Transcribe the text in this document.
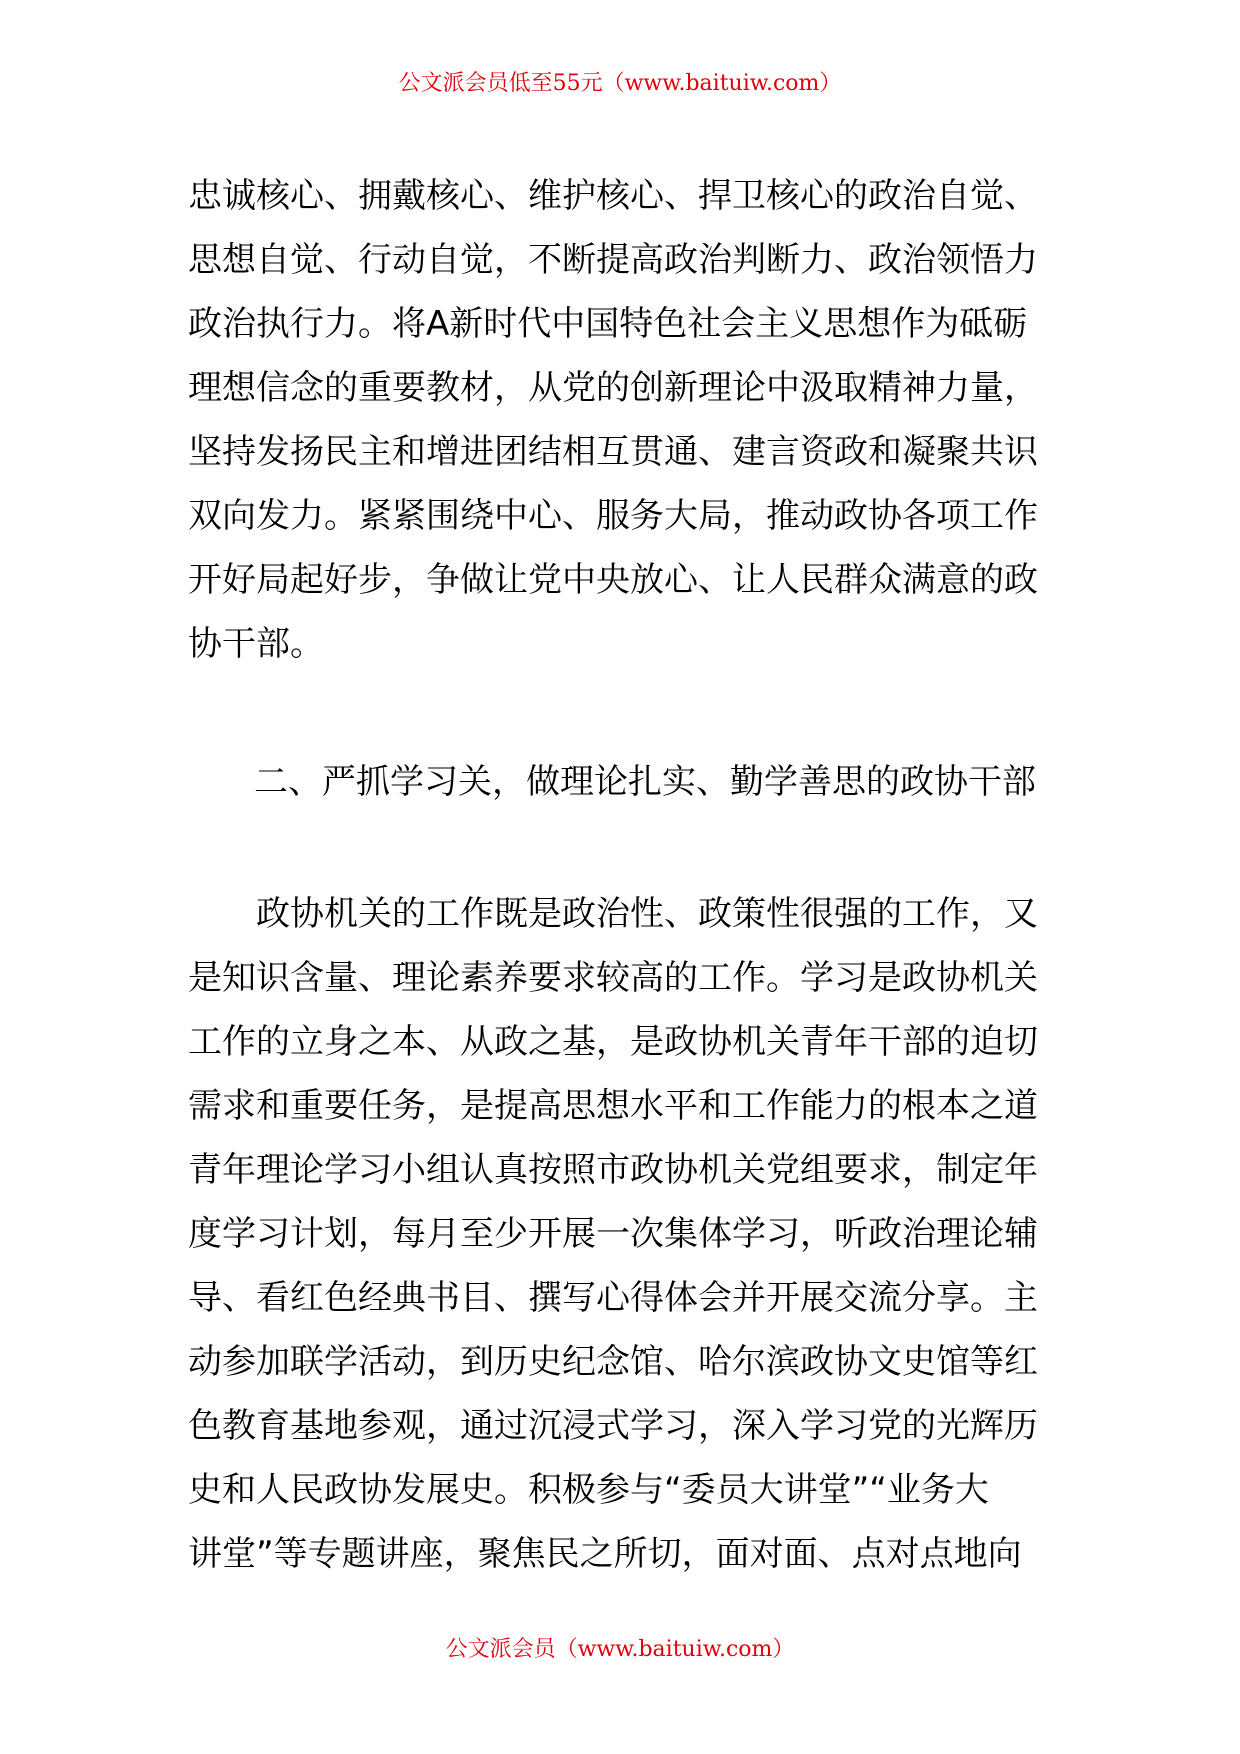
公文派会员低至55元（www.baituiw.com）
忠诚核心、拥戴核心、维护核心、捍卫核心的政治自觉、
思想自觉、行动自觉，不断提高政治判断力、政治领悟力
政治执行力。将A新时代中国特色社会主义思想作为砥砺
理想信念的重要教材，从党的创新理论中汲取精神力量，
坚持发扬民主和增进团结相互贯通、建言资政和凝聚共识
双向发力。紧紧围绕中心、服务大局，推动政协各项工作
开好局起好步，争做让党中央放心、让人民群众满意的政
协干部。

二、严抓学习关，做理论扎实、勤学善思的政协干部

政协机关的工作既是政治性、政策性很强的工作，又
是知识含量、理论素养要求较高的工作。学习是政协机关
工作的立身之本、从政之基，是政协机关青年干部的迫切
需求和重要任务，是提高思想水平和工作能力的根本之道
青年理论学习小组认真按照市政协机关党组要求，制定年
度学习计划，每月至少开展一次集体学习，听政治理论辅
导、看红色经典书目、撰写心得体会并开展交流分享。主
动参加联学活动，到历史纪念馆、哈尔滨政协文史馆等红
色教育基地参观，通过沉浸式学习，深入学习党的光辉历
史和人民政协发展史。积极参与“委员大讲堂”“业务大
讲堂”等专题讲座，聚焦民之所切，面对面、点对点地向
公文派会员（www.baituiw.com）
